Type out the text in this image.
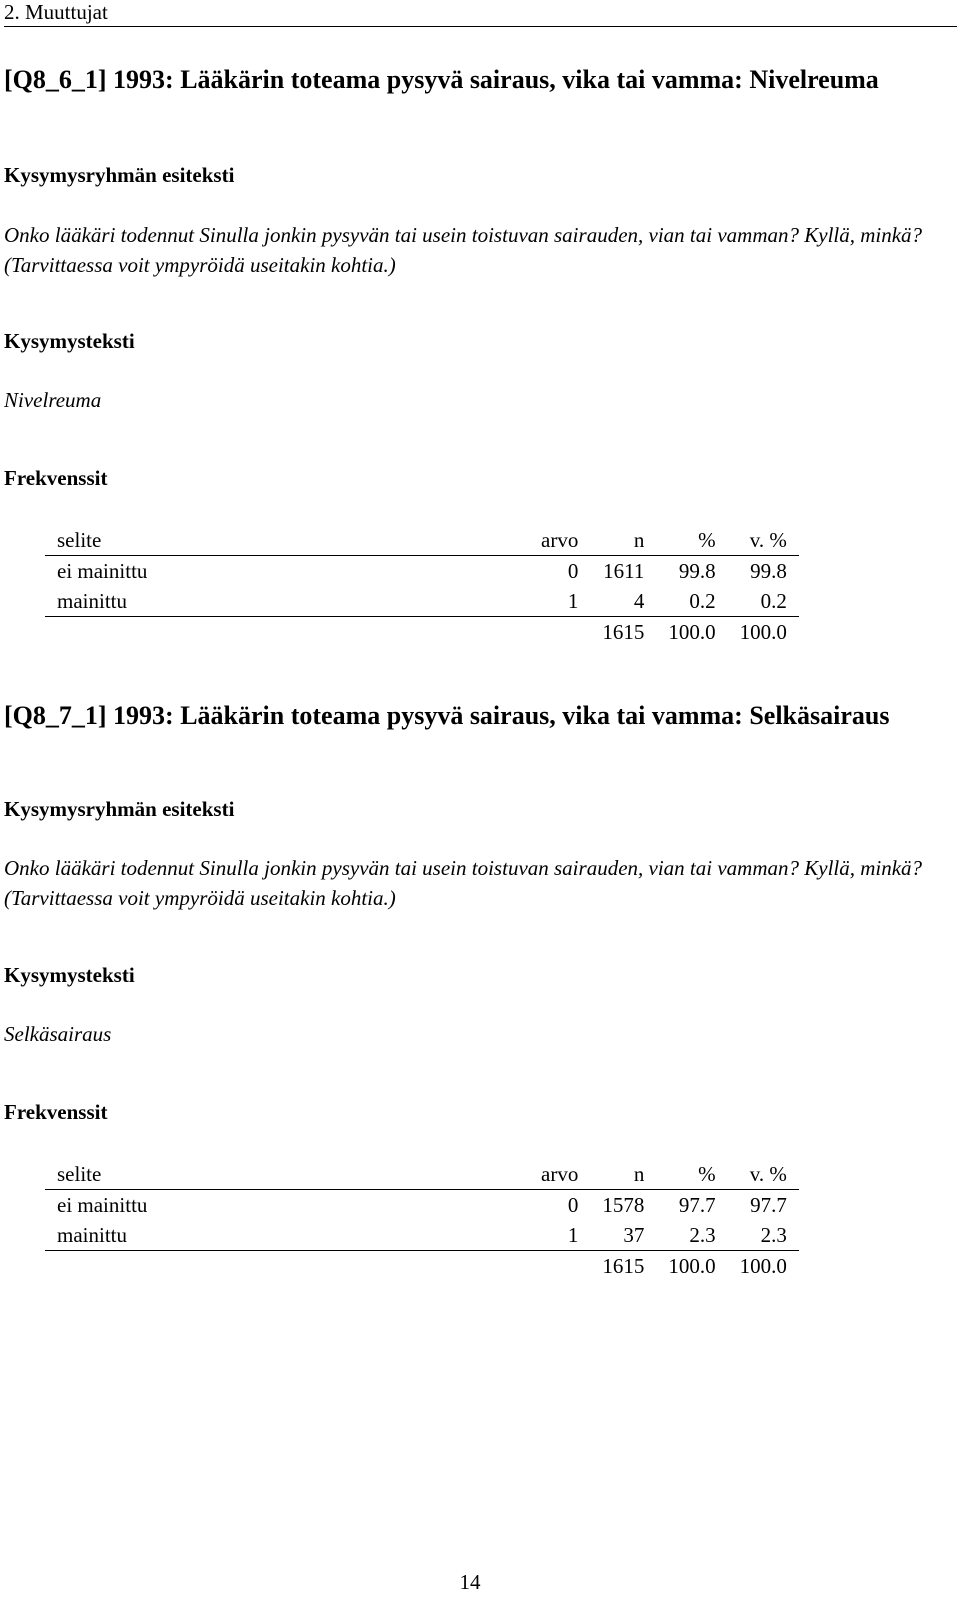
2. Muuttujat
[Q8_6_1] 1993: Lääkärin toteama pysyvä sairaus, vika tai vamma: Nivelreuma
Kysymysryhmän esiteksti
Onko lääkäri todennut Sinulla jonkin pysyvän tai usein toistuvan sairauden, vian tai vamman? Kyllä, minkä? (Tarvittaessa voit ympyröidä useitakin kohtia.)
Kysymysteksti
Nivelreuma
Frekvenssit
selite	arvo	n	%	v. %
ei mainittu	0	1611	99.8	99.8
mainittu	1	4	0.2	0.2
		1615	100.0	100.0
[Q8_7_1] 1993: Lääkärin toteama pysyvä sairaus, vika tai vamma: Selkäsairaus
Kysymysryhmän esiteksti
Onko lääkäri todennut Sinulla jonkin pysyvän tai usein toistuvan sairauden, vian tai vamman? Kyllä, minkä? (Tarvittaessa voit ympyröidä useitakin kohtia.)
Kysymysteksti
Selkäsairaus
Frekvenssit
selite	arvo	n	%	v. %
ei mainittu	0	1578	97.7	97.7
mainittu	1	37	2.3	2.3
		1615	100.0	100.0
14
